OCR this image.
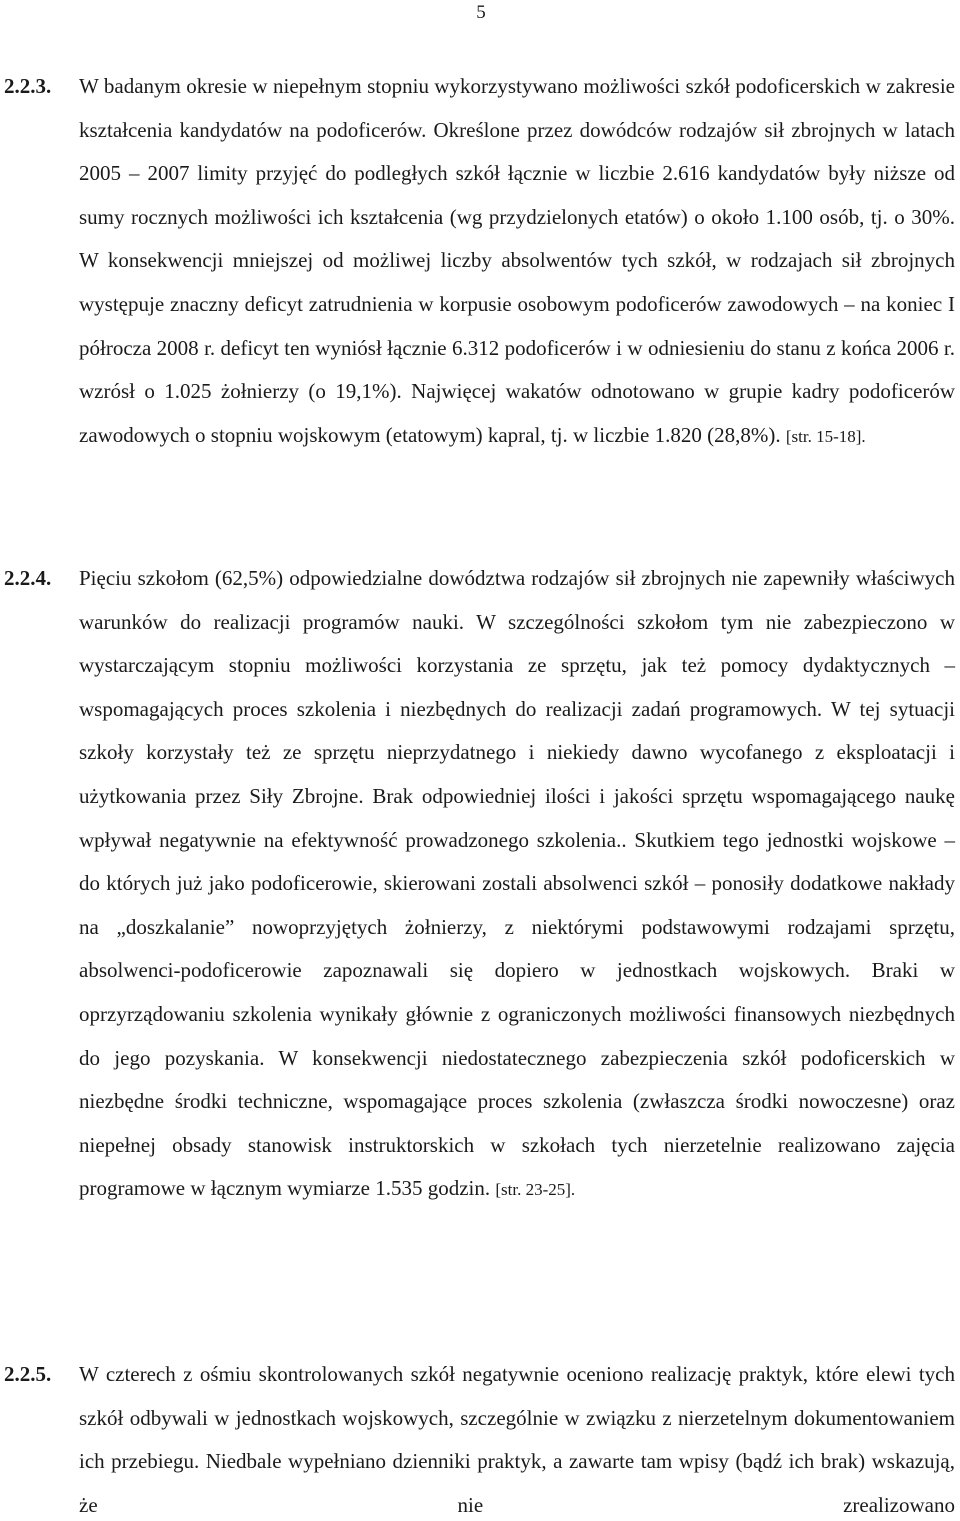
5
2.2.3. W badanym okresie w niepełnym stopniu wykorzystywano możliwości szkół podoficerskich w zakresie kształcenia kandydatów na podoficerów. Określone przez dowódców rodzajów sił zbrojnych w latach 2005 – 2007 limity przyjęć do podległych szkół łącznie w liczbie 2.616 kandydatów były niższe od sumy rocznych możliwości ich kształcenia (wg przydzielonych etatów) o około 1.100 osób, tj. o 30%. W konsekwencji mniejszej od możliwej liczby absolwentów tych szkół, w rodzajach sił zbrojnych występuje znaczny deficyt zatrudnienia w korpusie osobowym podoficerów zawodowych – na koniec I półrocza 2008 r. deficyt ten wyniósł łącznie 6.312 podoficerów i w odniesieniu do stanu z końca 2006 r. wzrósł o 1.025 żołnierzy (o 19,1%). Najwięcej wakatów odnotowano w grupie kadry podoficerów zawodowych o stopniu wojskowym (etatowym) kapral, tj. w liczbie 1.820 (28,8%). [str. 15-18].

2.2.4. Pięciu szkołom (62,5%) odpowiedzialne dowództwa rodzajów sił zbrojnych nie zapewniły właściwych warunków do realizacji programów nauki. W szczególności szkołom tym nie zabezpieczono w wystarczającym stopniu możliwości korzystania ze sprzętu, jak też pomocy dydaktycznych – wspomagających proces szkolenia i niezbędnych do realizacji zadań programowych. W tej sytuacji szkoły korzystały też ze sprzętu nieprzydatnego i niekiedy dawno wycofanego z eksploatacji i użytkowania przez Siły Zbrojne. Brak odpowiedniej ilości i jakości sprzętu wspomagającego naukę wpływał negatywnie na efektywność prowadzonego szkolenia.. Skutkiem tego jednostki wojskowe – do których już jako podoficerowie, skierowani zostali absolwenci szkół – ponosiły dodatkowe nakłady na „doszkalanie” nowoprzyjętych żołnierzy, z niektórymi podstawowymi rodzajami sprzętu, absolwenci-podoficerowie zapoznawali się dopiero w jednostkach wojskowych. Braki w oprzyrządowaniu szkolenia wynikały głównie z ograniczonych możliwości finansowych niezbędnych do jego pozyskania. W konsekwencji niedostatecznego zabezpieczenia szkół podoficerskich w niezbędne środki techniczne, wspomagające proces szkolenia (zwłaszcza środki nowoczesne) oraz niepełnej obsady stanowisk instruktorskich w szkołach tych nierzetelnie realizowano zajęcia programowe w łącznym wymiarze 1.535 godzin. [str. 23-25].

2.2.5. W czterech z ośmiu skontrolowanych szkół negatywnie oceniono realizację praktyk, które elewi tych szkół odbywali w jednostkach wojskowych, szczególnie w związku z nierzetelnym dokumentowaniem ich przebiegu. Niedbale wypełniano dzienniki praktyk, a zawarte tam wpisy (bądź ich brak) wskazują, że nie zrealizowano
